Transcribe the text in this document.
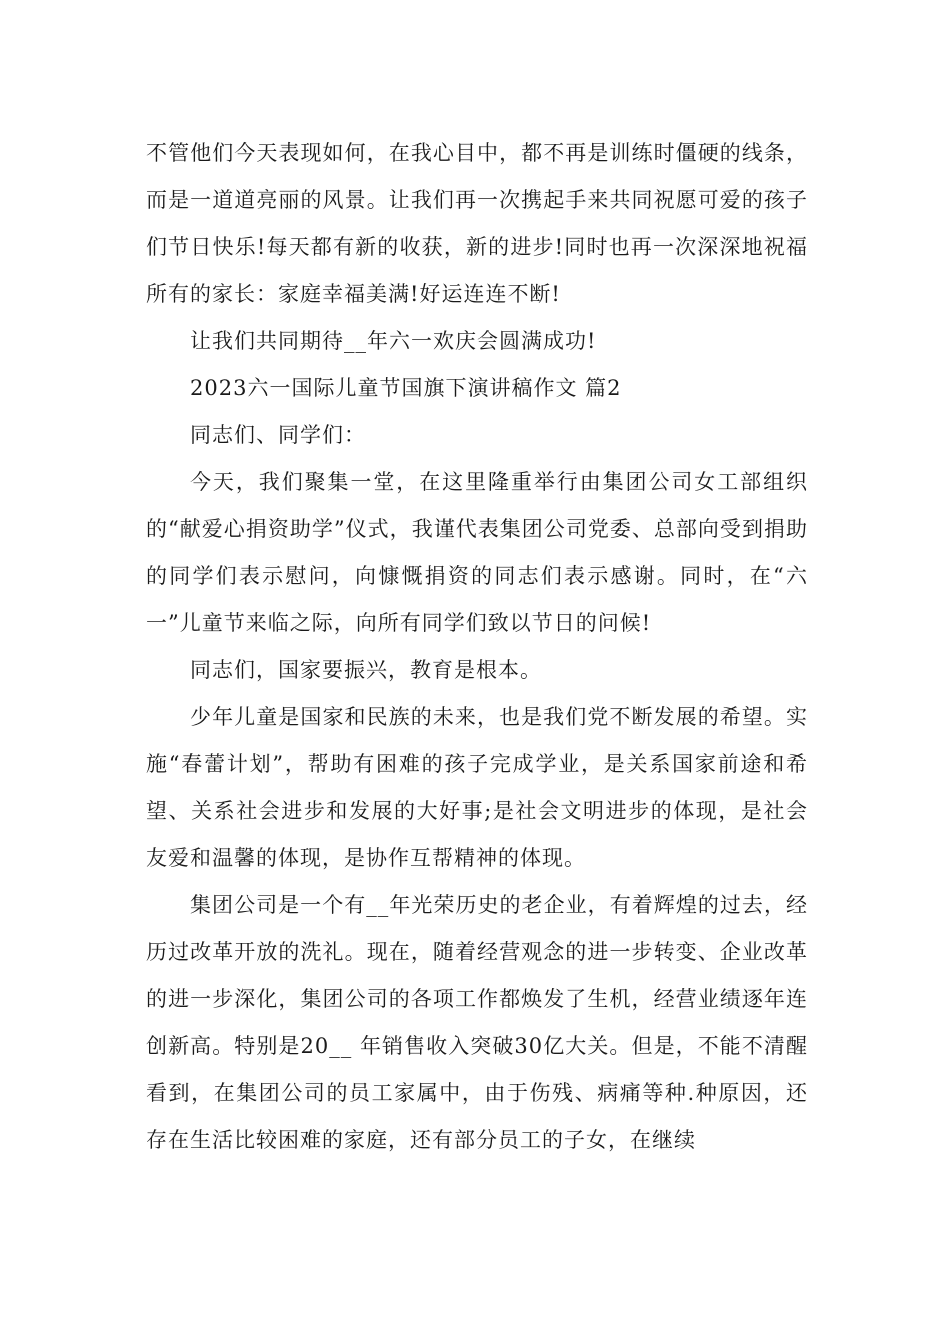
不管他们今天表现如何，在我心目中，都不再是训练时僵硬的线条，而是一道道亮丽的风景。让我们再一次携起手来共同祝愿可爱的孩子们节日快乐!每天都有新的收获，新的进步!同时也再一次深深地祝福所有的家长：家庭幸福美满!好运连连不断!

让我们共同期待__年六一欢庆会圆满成功!

2023六一国际儿童节国旗下演讲稿作文 篇2

同志们、同学们：

今天，我们聚集一堂，在这里隆重举行由集团公司女工部组织的“献爱心捐资助学”仪式，我谨代表集团公司党委、总部向受到捐助的同学们表示慰问，向慷慨捐资的同志们表示感谢。同时，在“六一”儿童节来临之际，向所有同学们致以节日的问候!

同志们，国家要振兴，教育是根本。

少年儿童是国家和民族的未来，也是我们党不断发展的希望。实施“春蕾计划”，帮助有困难的孩子完成学业，是关系国家前途和希望、关系社会进步和发展的大好事;是社会文明进步的体现，是社会友爱和温馨的体现，是协作互帮精神的体现。

集团公司是一个有__年光荣历史的老企业，有着辉煌的过去，经历过改革开放的洗礼。现在，随着经营观念的进一步转变、企业改革的进一步深化，集团公司的各项工作都焕发了生机，经营业绩逐年连创新高。特别是20__ 年销售收入突破30亿大关。但是，不能不清醒看到，在集团公司的员工家属中，由于伤残、病痛等种.种原因，还存在生活比较困难的家庭，还有部分员工的子女，在继续
